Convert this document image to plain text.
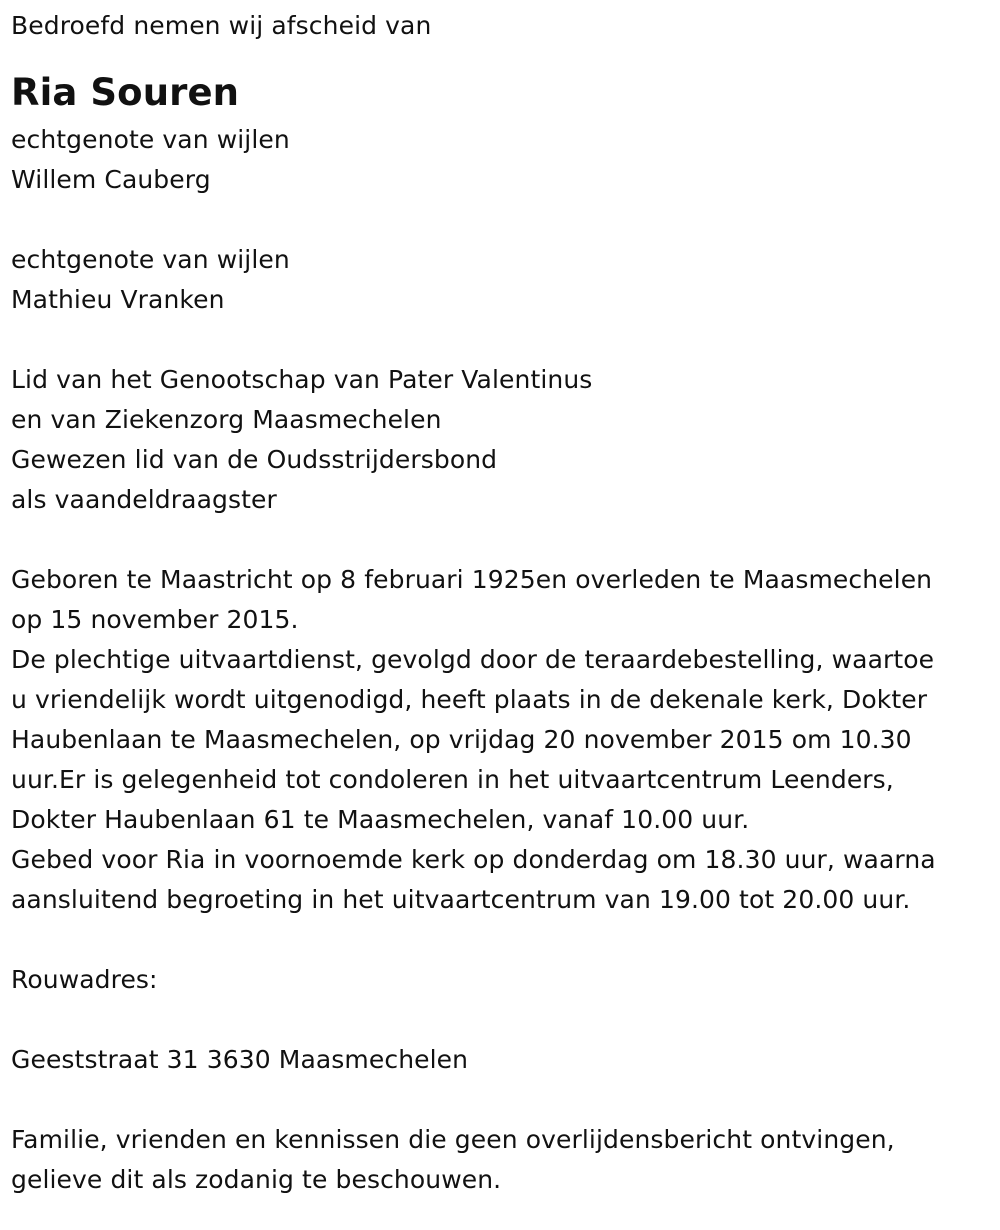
Bedroefd nemen wij afscheid van
Ria Souren
echtgenote van wijlen
Willem Cauberg
echtgenote van wijlen
Mathieu Vranken
Lid van het Genootschap van Pater Valentinus
en van Ziekenzorg Maasmechelen
Gewezen lid van de Oudsstrijdersbond
als vaandeldraagster
Geboren te Maastricht op 8 februari 1925en overleden te Maasmechelen
op 15 november 2015.
De plechtige uitvaartdienst, gevolgd door de teraardebestelling, waartoe
u vriendelijk wordt uitgenodigd, heeft plaats in de dekenale kerk, Dokter
Haubenlaan te Maasmechelen, op vrijdag 20 november 2015 om 10.30
uur.Er is gelegenheid tot condoleren in het uitvaartcentrum Leenders,
Dokter Haubenlaan 61 te Maasmechelen, vanaf 10.00 uur.
Gebed voor Ria in voornoemde kerk op donderdag om 18.30 uur, waarna
aansluitend begroeting in het uitvaartcentrum van 19.00 tot 20.00 uur.
Rouwadres:
Geeststraat 31 3630 Maasmechelen
Familie, vrienden en kennissen die geen overlijdensbericht ontvingen,
gelieve dit als zodanig te beschouwen.
